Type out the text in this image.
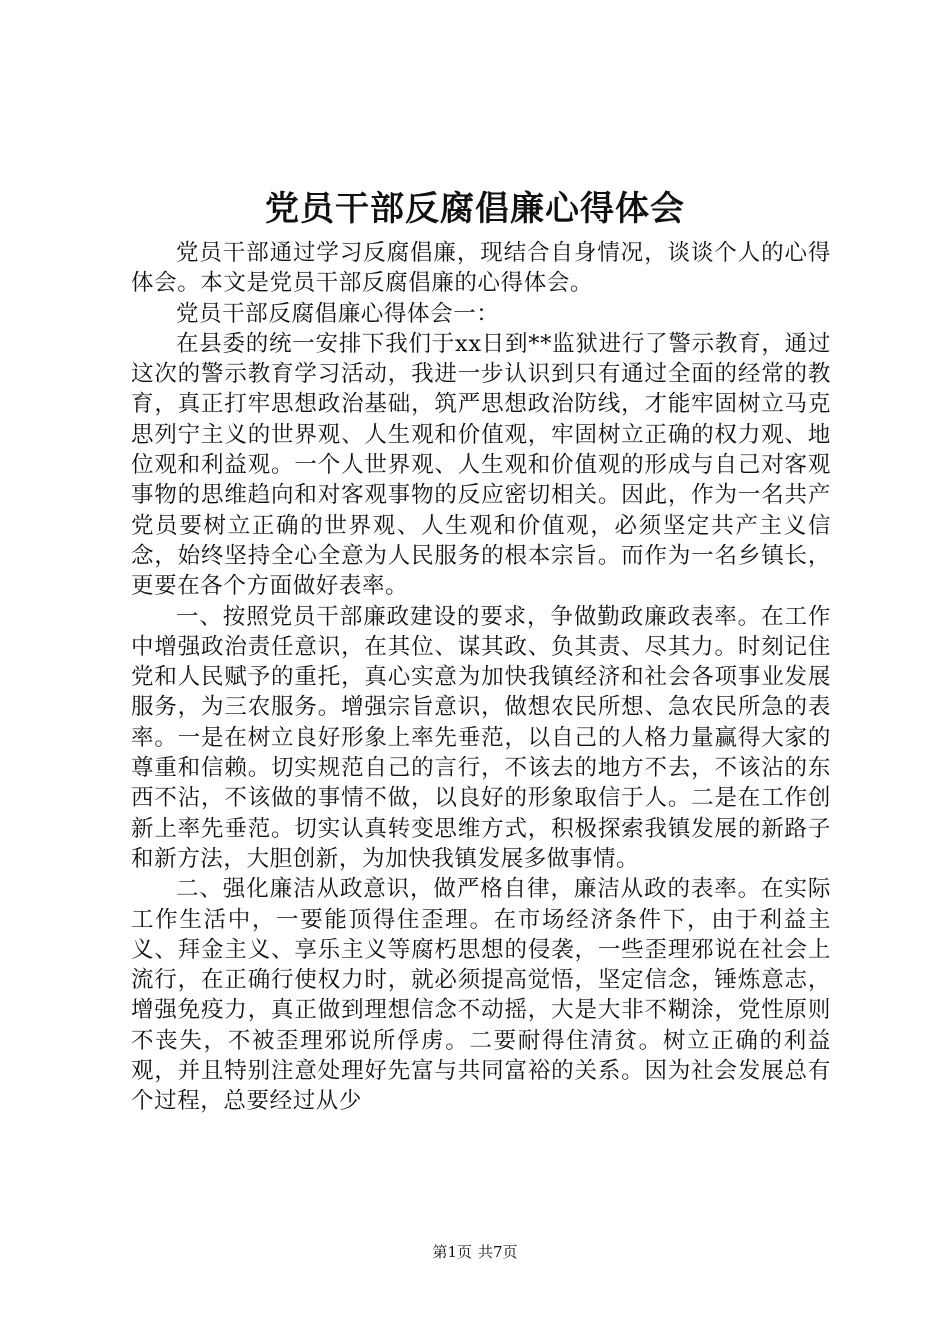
党员干部反腐倡廉心得体会

党员干部通过学习反腐倡廉，现结合自身情况，谈谈个人的心得体会。本文是党员干部反腐倡廉的心得体会。

党员干部反腐倡廉心得体会一：

在县委的统一安排下我们于xx日到**监狱进行了警示教育，通过这次的警示教育学习活动，我进一步认识到只有通过全面的经常的教育，真正打牢思想政治基础，筑严思想政治防线，才能牢固树立马克思列宁主义的世界观、人生观和价值观，牢固树立正确的权力观、地位观和利益观。一个人世界观、人生观和价值观的形成与自己对客观事物的思维趋向和对客观事物的反应密切相关。因此，作为一名共产党员要树立正确的世界观、人生观和价值观，必须坚定共产主义信念，始终坚持全心全意为人民服务的根本宗旨。而作为一名乡镇长，更要在各个方面做好表率。

一、按照党员干部廉政建设的要求，争做勤政廉政表率。在工作中增强政治责任意识，在其位、谋其政、负其责、尽其力。时刻记住党和人民赋予的重托，真心实意为加快我镇经济和社会各项事业发展服务，为三农服务。增强宗旨意识，做想农民所想、急农民所急的表率。一是在树立良好形象上率先垂范，以自己的人格力量赢得大家的尊重和信赖。切实规范自己的言行，不该去的地方不去，不该沾的东西不沾，不该做的事情不做，以良好的形象取信于人。二是在工作创新上率先垂范。切实认真转变思维方式，积极探索我镇发展的新路子和新方法，大胆创新，为加快我镇发展多做事情。

二、强化廉洁从政意识，做严格自律，廉洁从政的表率。在实际工作生活中，一要能顶得住歪理。在市场经济条件下，由于利益主义、拜金主义、享乐主义等腐朽思想的侵袭，一些歪理邪说在社会上流行，在正确行使权力时，就必须提高觉悟，坚定信念，锤炼意志，增强免疫力，真正做到理想信念不动摇，大是大非不糊涂，党性原则不丧失，不被歪理邪说所俘虏。二要耐得住清贫。树立正确的利益观，并且特别注意处理好先富与共同富裕的关系。因为社会发展总有个过程，总要经过从少

第1页 共7页
